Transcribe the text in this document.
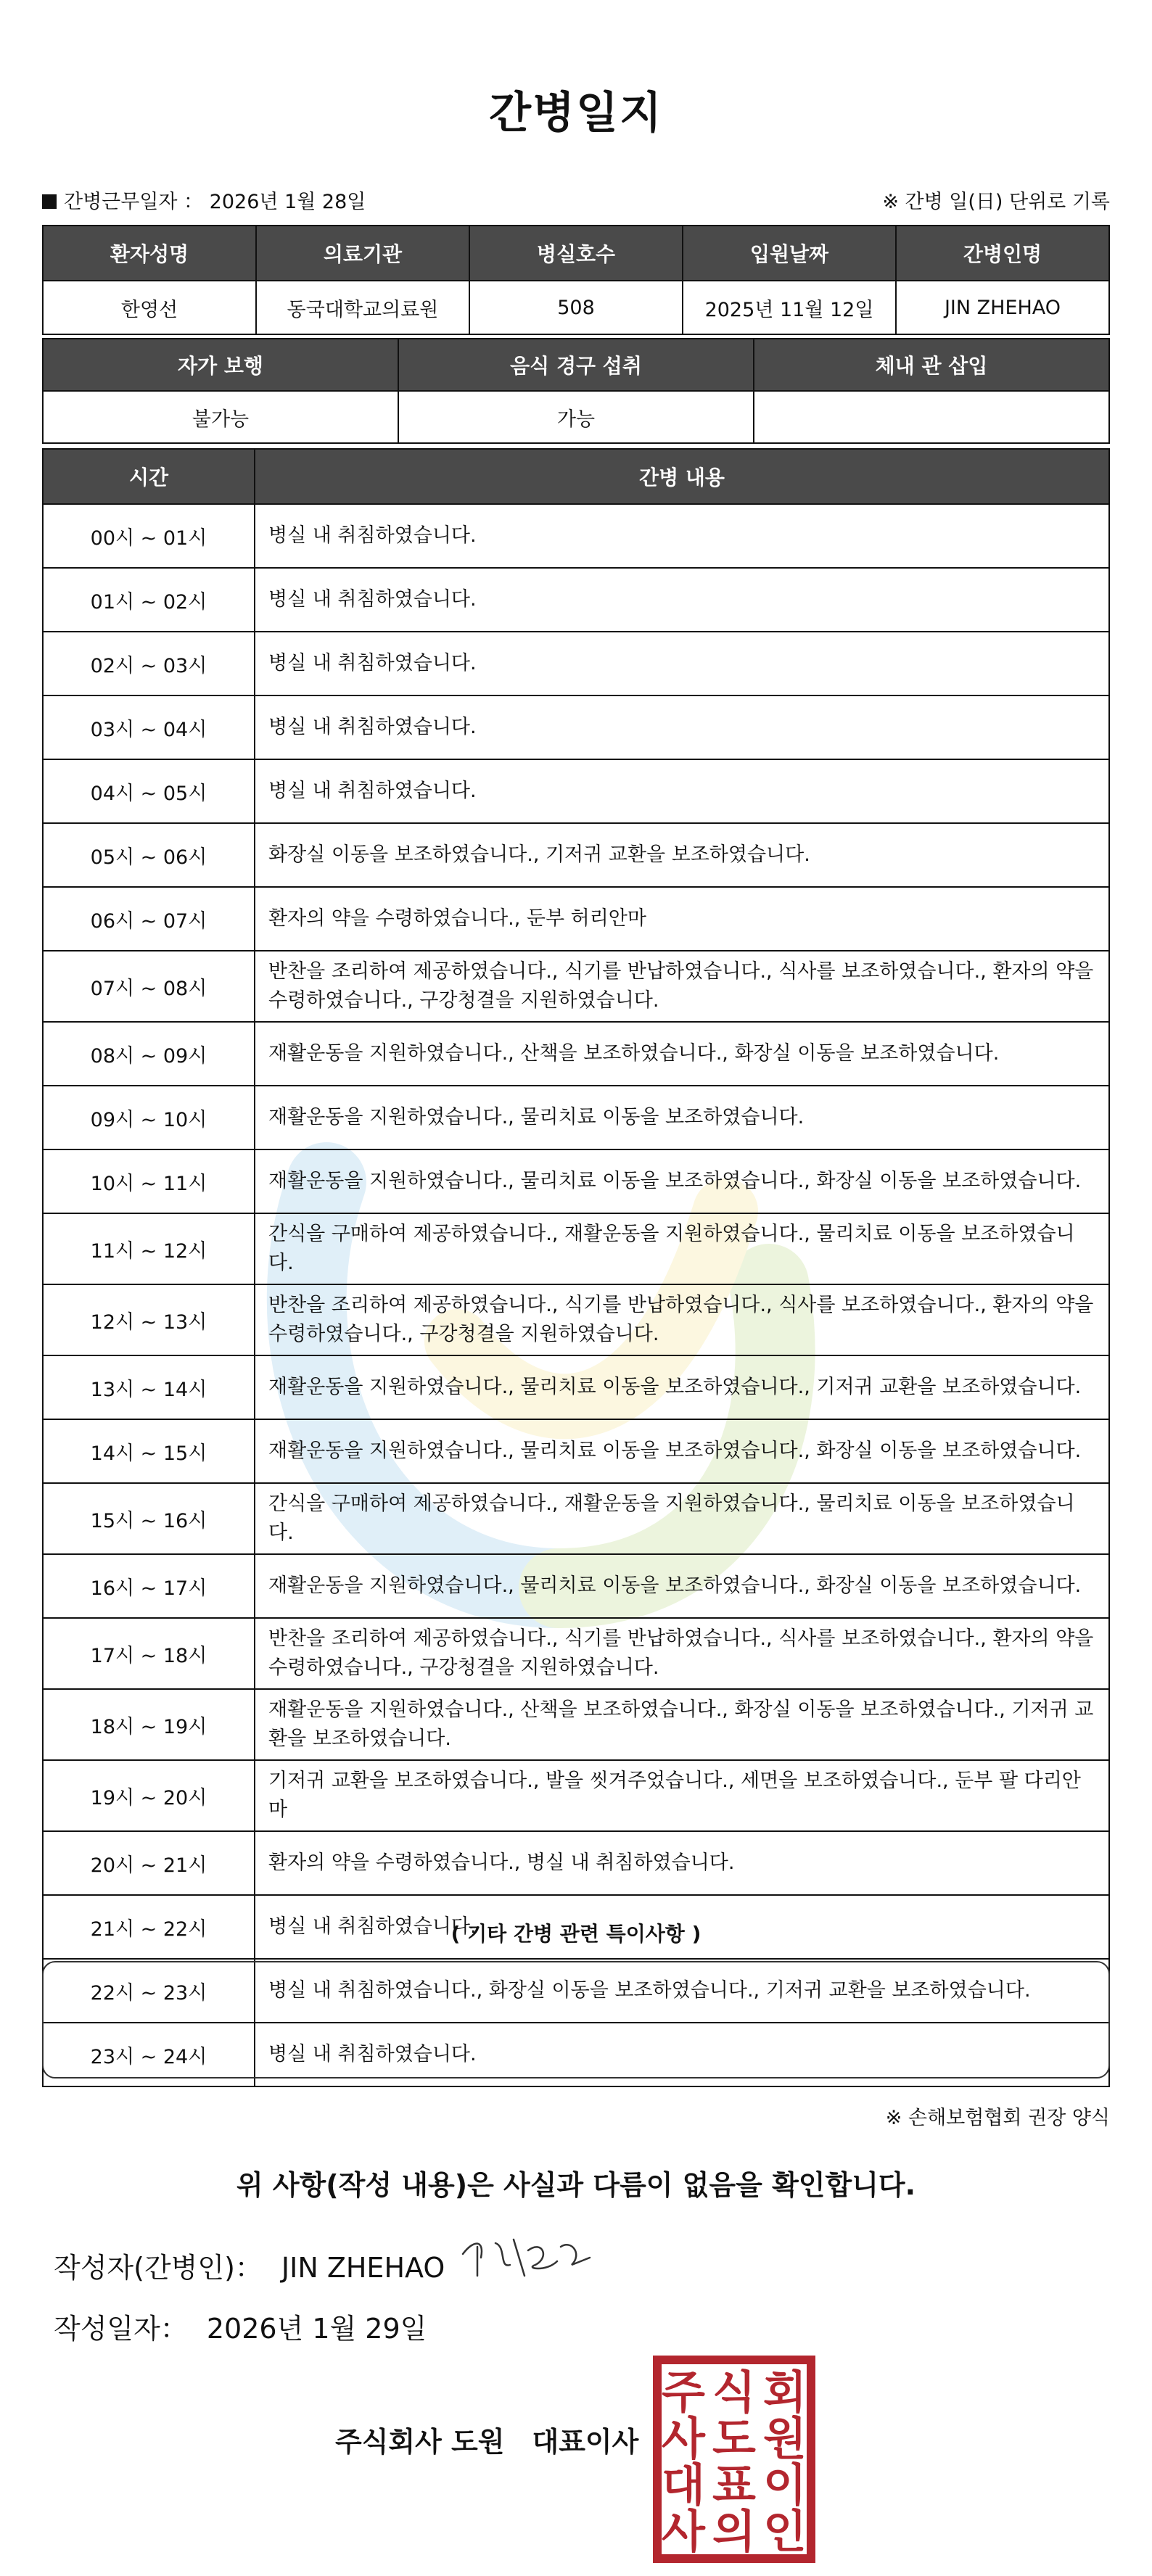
간병일지
간병근무일자 ： 2026년 1월 28일	※ 간병 일(日) 단위로 기록
환자성명	의료기관	병실호수	입원날짜	간병인명
한영선	동국대학교의료원	508	2025년 11월 12일	JIN ZHEHAO
자가 보행	음식 경구 섭취	체내 관 삽입
불가능	가능	
시간	간병 내용
00시 ~ 01시	병실 내 취침하였습니다.
01시 ~ 02시	병실 내 취침하였습니다.
02시 ~ 03시	병실 내 취침하였습니다.
03시 ~ 04시	병실 내 취침하였습니다.
04시 ~ 05시	병실 내 취침하였습니다.
05시 ~ 06시	화장실 이동을 보조하였습니다., 기저귀 교환을 보조하였습니다.
06시 ~ 07시	환자의 약을 수령하였습니다., 둔부 허리안마
07시 ~ 08시	반찬을 조리하여 제공하였습니다., 식기를 반납하였습니다., 식사를 보조하였습니다., 환자의 약을 수령하였습니다., 구강청결을 지원하였습니다.
08시 ~ 09시	재활운동을 지원하였습니다., 산책을 보조하였습니다., 화장실 이동을 보조하였습니다.
09시 ~ 10시	재활운동을 지원하였습니다., 물리치료 이동을 보조하였습니다.
10시 ~ 11시	재활운동을 지원하였습니다., 물리치료 이동을 보조하였습니다., 화장실 이동을 보조하였습니다.
11시 ~ 12시	간식을 구매하여 제공하였습니다., 재활운동을 지원하였습니다., 물리치료 이동을 보조하였습니다.
12시 ~ 13시	반찬을 조리하여 제공하였습니다., 식기를 반납하였습니다., 식사를 보조하였습니다., 환자의 약을 수령하였습니다., 구강청결을 지원하였습니다.
13시 ~ 14시	재활운동을 지원하였습니다., 물리치료 이동을 보조하였습니다., 기저귀 교환을 보조하였습니다.
14시 ~ 15시	재활운동을 지원하였습니다., 물리치료 이동을 보조하였습니다., 화장실 이동을 보조하였습니다.
15시 ~ 16시	간식을 구매하여 제공하였습니다., 재활운동을 지원하였습니다., 물리치료 이동을 보조하였습니다.
16시 ~ 17시	재활운동을 지원하였습니다., 물리치료 이동을 보조하였습니다., 화장실 이동을 보조하였습니다.
17시 ~ 18시	반찬을 조리하여 제공하였습니다., 식기를 반납하였습니다., 식사를 보조하였습니다., 환자의 약을 수령하였습니다., 구강청결을 지원하였습니다.
18시 ~ 19시	재활운동을 지원하였습니다., 산책을 보조하였습니다., 화장실 이동을 보조하였습니다., 기저귀 교환을 보조하였습니다.
19시 ~ 20시	기저귀 교환을 보조하였습니다., 발을 씻겨주었습니다., 세면을 보조하였습니다., 둔부 팔 다리안마
20시 ~ 21시	환자의 약을 수령하였습니다., 병실 내 취침하였습니다.
21시 ~ 22시	병실 내 취침하였습니다.
22시 ~ 23시	병실 내 취침하였습니다., 화장실 이동을 보조하였습니다., 기저귀 교환을 보조하였습니다.
23시 ~ 24시	병실 내 취침하였습니다.
( 기타 간병 관련 특이사항 )
※ 손해보험협회 권장 양식
위 사항(작성 내용)은 사실과 다름이 없음을 확인합니다.
작성자(간병인)： JIN ZHEHAO
작성일자： 2026년 1월 29일
주식회사 도원 대표이사
주 식 회
사 도 원
대 표 이
사 의 인
